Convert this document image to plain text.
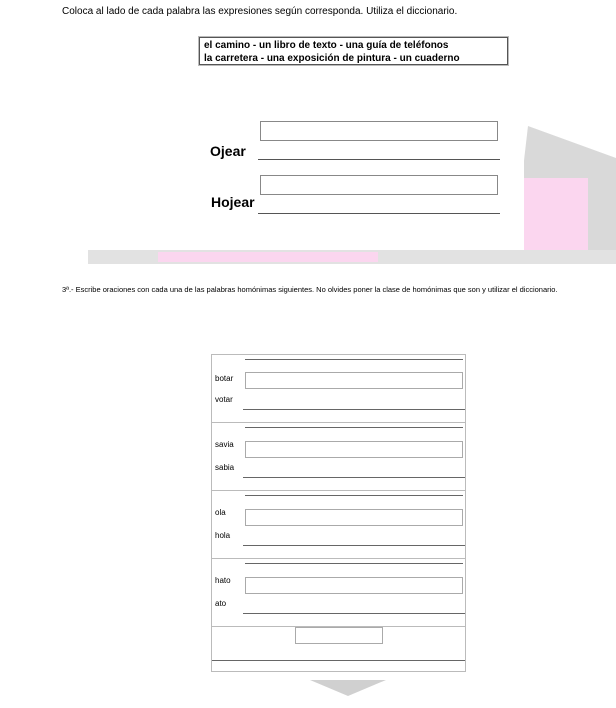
Coloca al lado de cada palabra las expresiones según corresponda. Utiliza el diccionario.
el camino - un libro de texto - una guía de teléfonos
la carretera - una exposición de pintura - un cuaderno
Ojear
Hojear
3ª.- Escribe oraciones con cada una de las palabras homónimas siguientes. No olvides poner la clase de homónimas que son y utilizar el diccionario.
botar
votar
savia
sabia
ola
hola
hato
ato
